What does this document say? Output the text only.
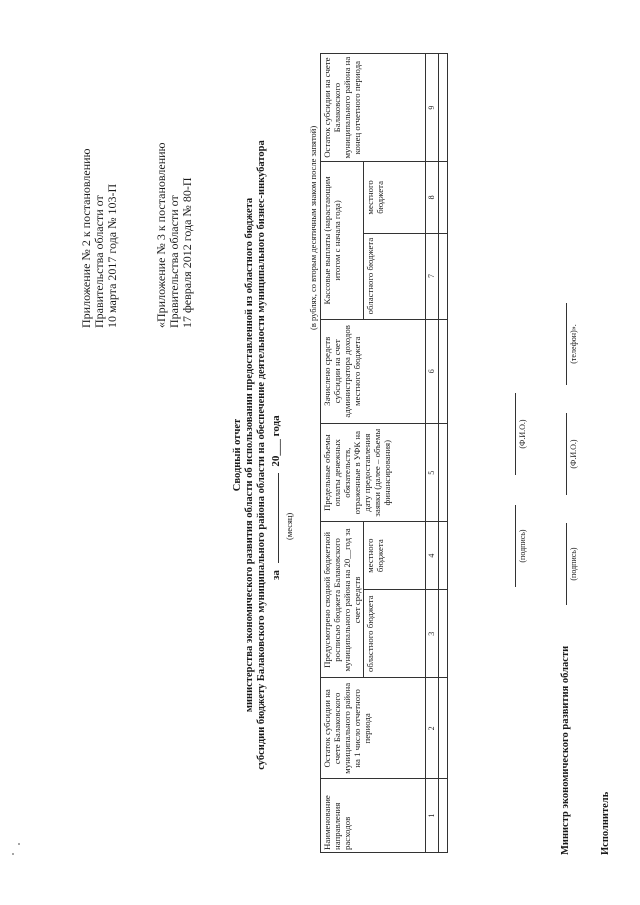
Приложение № 2 к постановлению Правительства области от 10 марта 2017 года № 103-П	«Приложение № 3 к постановлению Правительства области от 17 февраля 2012 года № 80-П
Сводный отчет министерства экономического развития области об использовании предоставленной из областного бюджета субсидии бюджету Балаковского муниципального района области на обеспечение деятельности муниципального бизнес-инкубатора за  20___ года
(месяц)
(в рублях, со вторым десятичным знаком после запятой)
Наименование направления расходов	Остаток субсидии на счете Балаковского муниципального района на 1 число отчетного периода	Предусмотрено сводной бюджетной росписью бюджета Балаковского муниципального района на 20__год за счет средств		Предельные объемы оплаты денежных обязательств, отраженные в УФК на дату предоставления заявки (далее – объемы финансирования)	Зачислено средств субсидии на счет администратора доходов местного бюджета	Кассовые выплаты (нарастающим итогом с начала года)		Остаток субсидии на счете Балаковского муниципального района на конец отчетного периода
		областного бюджета	местного бюджета			областного бюджета	местного бюджета	
1	2	3	4	5	6	7	8	9

Министр экономического развития области
(подпись)
(Ф.И.О.)
Исполнитель
(подпись)
(Ф.И.О.)
(телефон)».
